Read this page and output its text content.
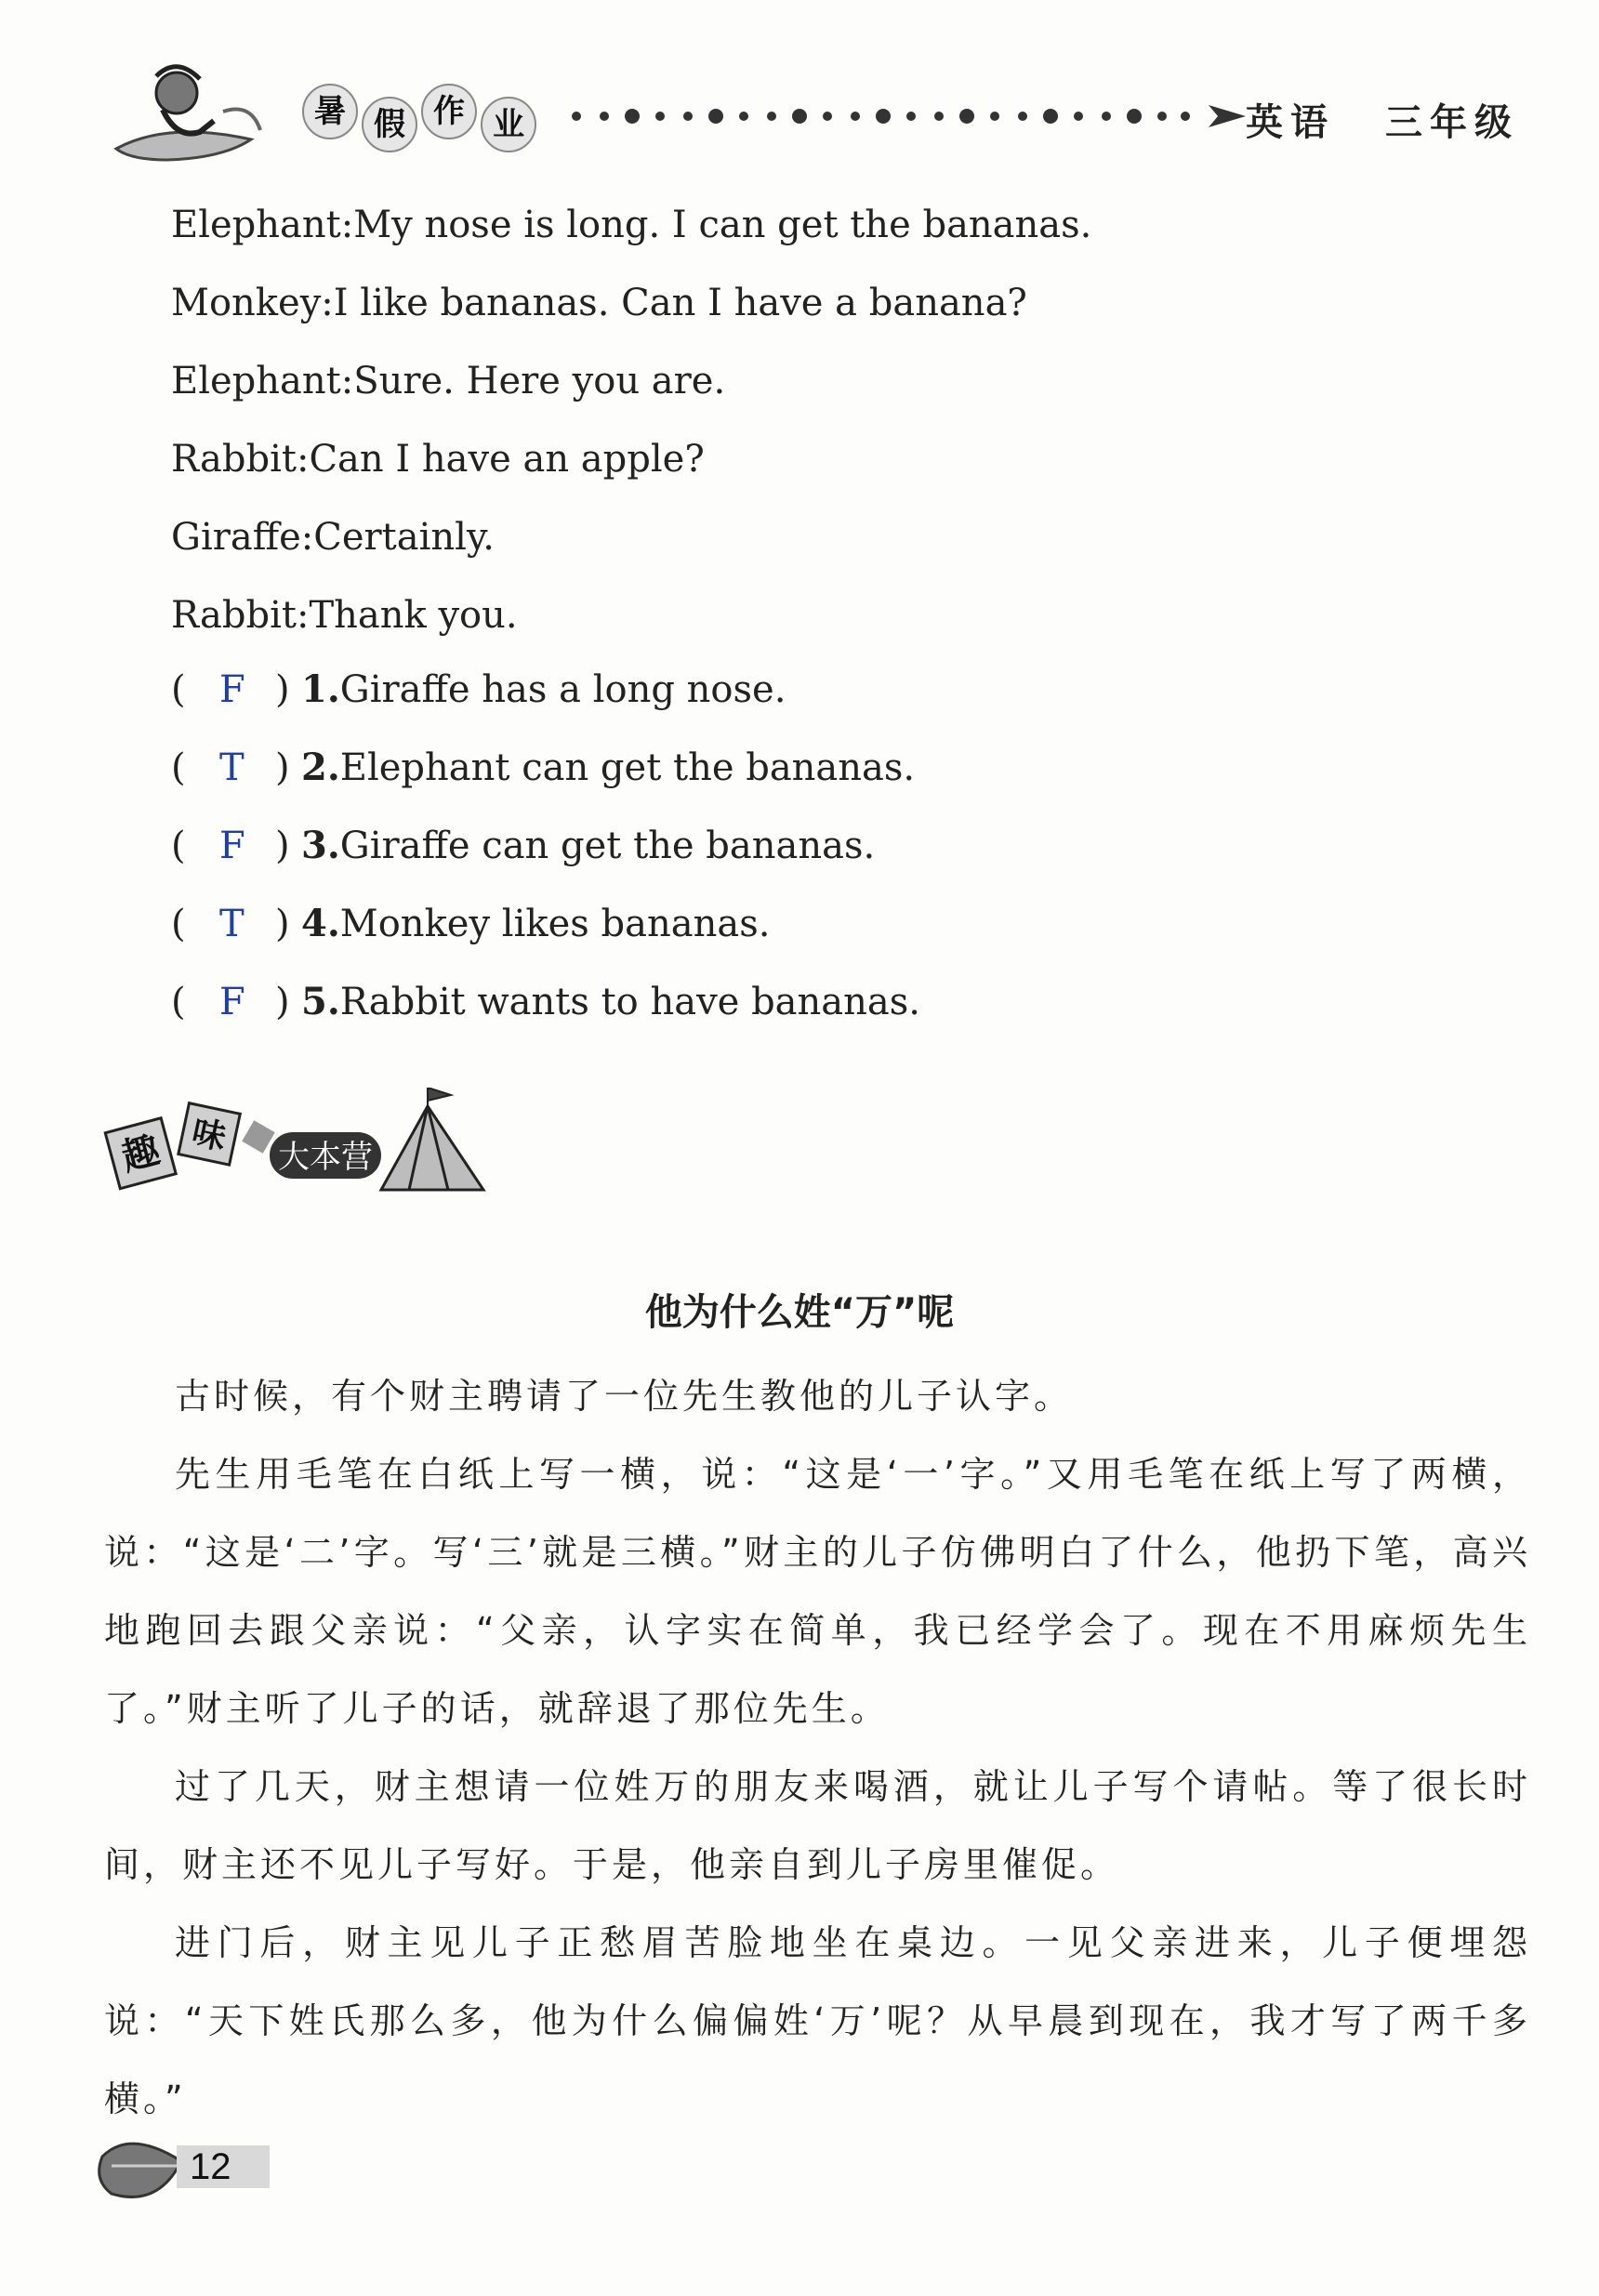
暑 假 作 业	英语 三年级
Elephant:My nose is long. I can get the bananas.
Monkey:I like bananas. Can I have a banana?
Elephant:Sure. Here you are.
Rabbit:Can I have an apple?
Giraffe:Certainly.
Rabbit:Thank you.
( F ) 1. Giraffe has a long nose.
( T ) 2. Elephant can get the bananas.
( F ) 3. Giraffe can get the bananas.
( T ) 4. Monkey likes bananas.
( F ) 5. Rabbit wants to have bananas.
趣 味 大本营
他为什么姓“万”呢

古时候，有个财主聘请了一位先生教他的儿子认字。

先生用毛笔在白纸上写一横，说：“这是‘一’字。”又用毛笔在纸上写了两横，说：“这是‘二’字。写‘三’就是三横。”财主的儿子仿佛明白了什么，他扔下笔，高兴地跑回去跟父亲说：“父亲，认字实在简单，我已经学会了。现在不用麻烦先生了。”财主听了儿子的话，就辞退了那位先生。

过了几天，财主想请一位姓万的朋友来喝酒，就让儿子写个请帖。等了很长时间，财主还不见儿子写好。于是，他亲自到儿子房里催促。

进门后，财主见儿子正愁眉苦脸地坐在桌边。一见父亲进来，儿子便埋怨说：“天下姓氏那么多，他为什么偏偏姓‘万’呢？从早晨到现在，我才写了两千多横。”

12
